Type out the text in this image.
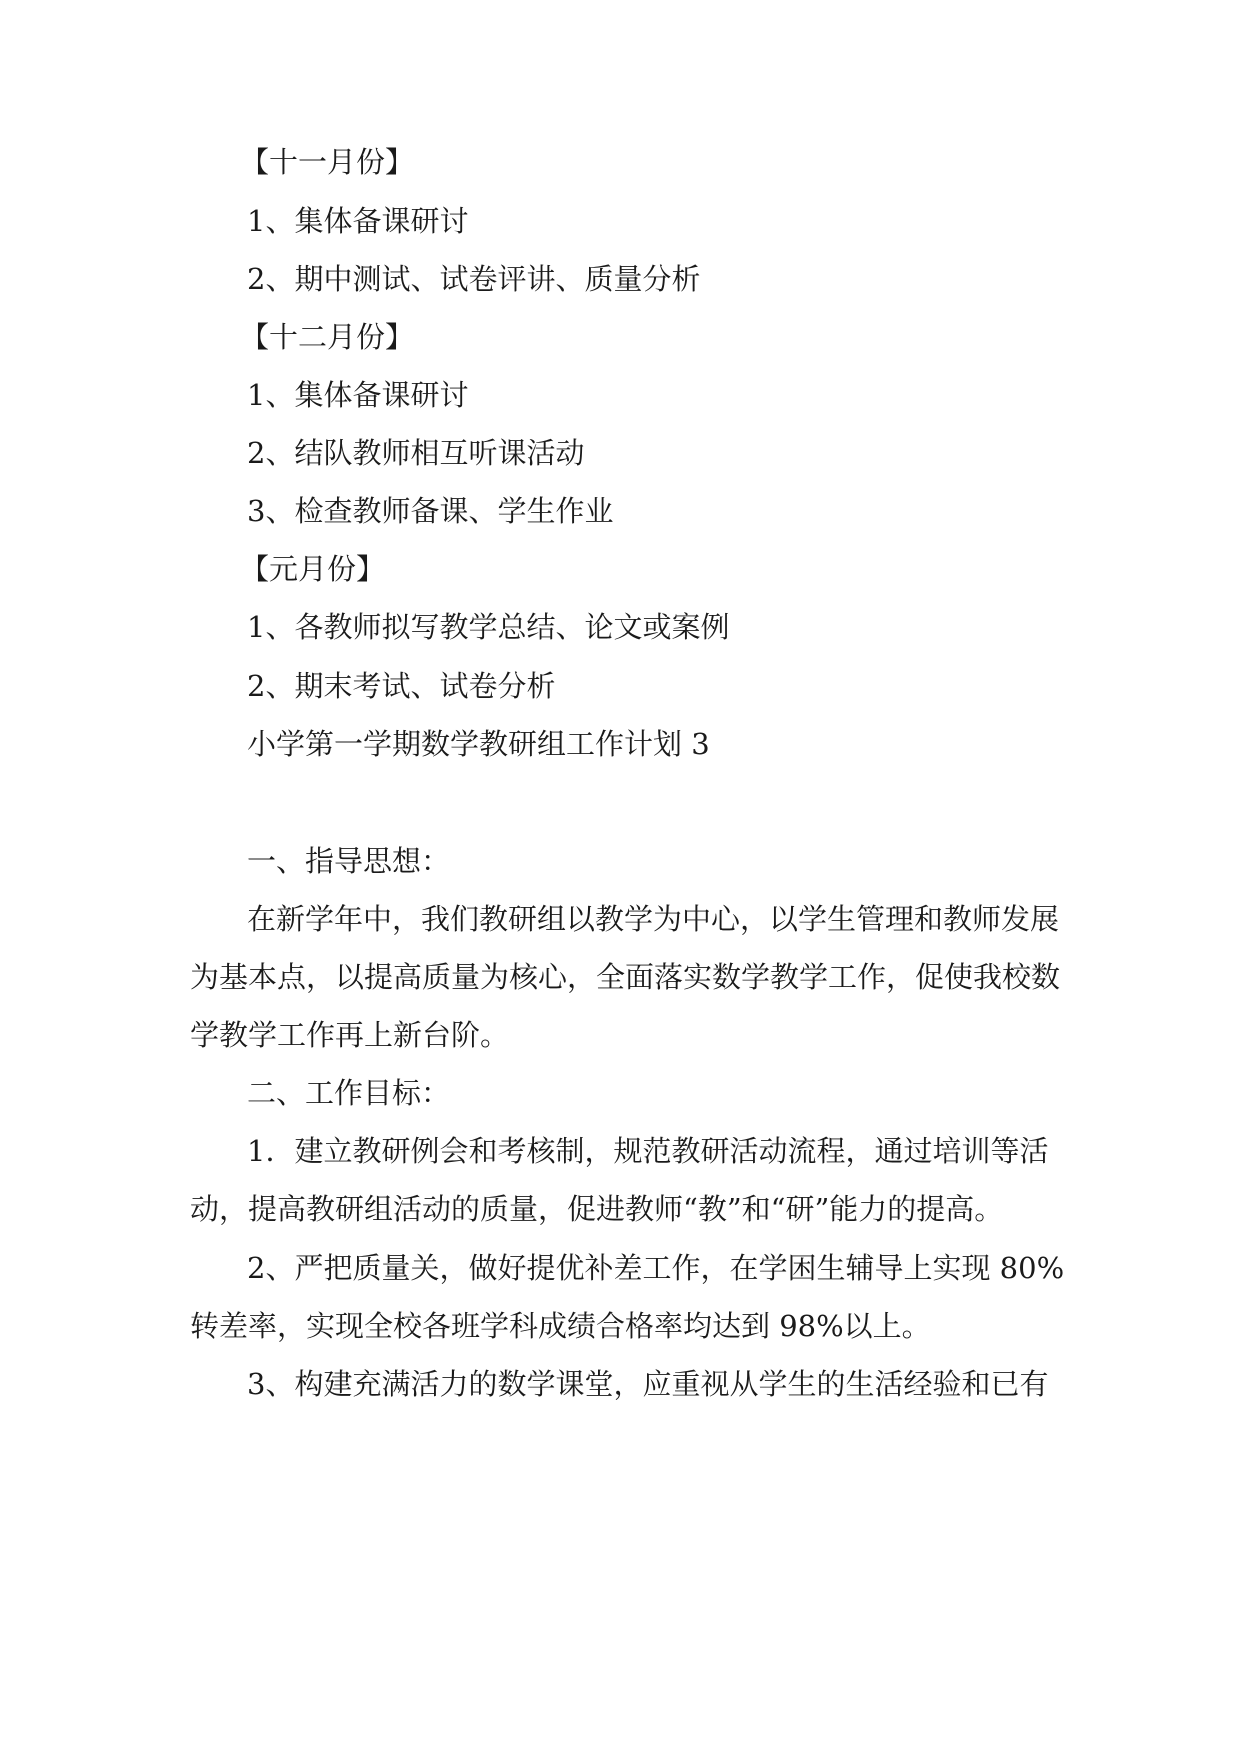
【十一月份】
1、集体备课研讨
2、期中测试、试卷评讲、质量分析
【十二月份】
1、集体备课研讨
2、结队教师相互听课活动
3、检查教师备课、学生作业
【元月份】
1、各教师拟写教学总结、论文或案例
2、期末考试、试卷分析
小学第一学期数学教研组工作计划 3
一、指导思想：
在新学年中，我们教研组以教学为中心，以学生管理和教师发展
为基本点，以提高质量为核心，全面落实数学教学工作，促使我校数
学教学工作再上新台阶。
二、工作目标：
1．建立教研例会和考核制，规范教研活动流程，通过培训等活
动，提高教研组活动的质量，促进教师“教”和“研”能力的提高。
2、严把质量关，做好提优补差工作，在学困生辅导上实现 80%
转差率，实现全校各班学科成绩合格率均达到 98%以上。
3、构建充满活力的数学课堂，应重视从学生的生活经验和已有
